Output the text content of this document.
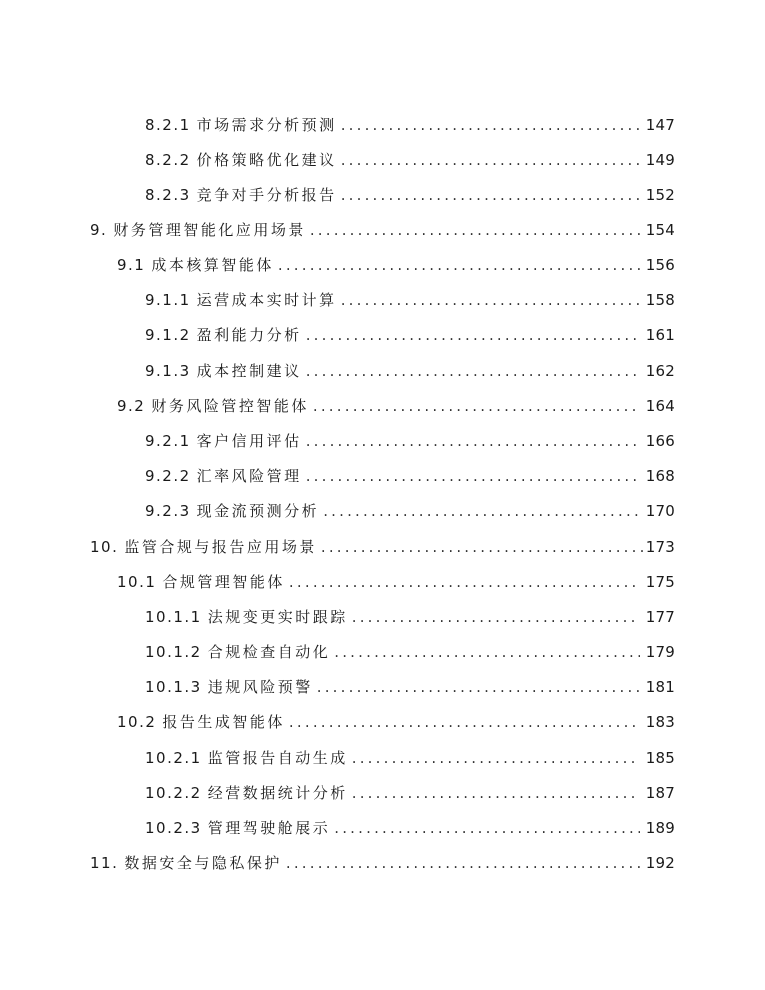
8.2.1 市场需求分析预测 .....	147
8.2.2 价格策略优化建议 .....	149
8.2.3 竞争对手分析报告 .....	152
9. 财务管理智能化应用场景 .....	154
9.1 成本核算智能体 .....	156
9.1.1 运营成本实时计算 .....	158
9.1.2 盈利能力分析 .....	161
9.1.3 成本控制建议 .....	162
9.2 财务风险管控智能体 .....	164
9.2.1 客户信用评估 .....	166
9.2.2 汇率风险管理 .....	168
9.2.3 现金流预测分析 .....	170
10. 监管合规与报告应用场景 .....	173
10.1 合规管理智能体 .....	175
10.1.1 法规变更实时跟踪 .....	177
10.1.2 合规检查自动化 .....	179
10.1.3 违规风险预警 .....	181
10.2 报告生成智能体 .....	183
10.2.1 监管报告自动生成 .....	185
10.2.2 经营数据统计分析 .....	187
10.2.3 管理驾驶舱展示 .....	189
11. 数据安全与隐私保护 .....	192
